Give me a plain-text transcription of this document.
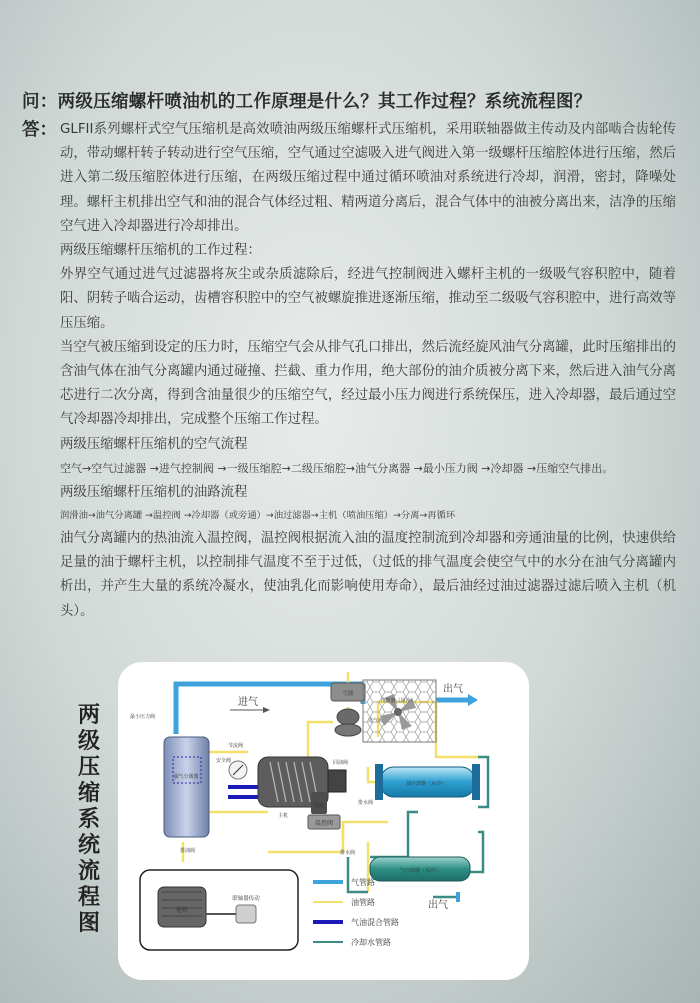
问：两级压缩螺杆喷油机的工作原理是什么？其工作过程？系统流程图？
答： GLFII系列螺杆式空气压缩机是高效喷油两级压缩螺杆式压缩机，采用联轴器做主传动及内部啮合齿轮传动，带动螺杆转子转动进行空气压缩，空气通过空滤吸入进气阀进入第一级螺杆压缩腔体进行压缩，然后进入第二级压缩腔体进行压缩，在两级压缩过程中通过循环喷油对系统进行冷却，润滑，密封，降噪处理。螺杆主机排出空气和油的混合气体经过粗、精两道分离后，混合气体中的油被分离出来，洁净的压缩空气进入冷却器进行冷却排出。

两级压缩螺杆压缩机的工作过程：

外界空气通过进气过滤器将灰尘或杂质滤除后，经进气控制阀进入螺杆主机的一级吸气容积腔中，随着阳、阴转子啮合运动，齿槽容积腔中的空气被螺旋推进逐渐压缩，推动至二级吸气容积腔中，进行高效等压压缩。

当空气被压缩到设定的压力时，压缩空气会从排气孔口排出，然后流经旋风油气分离罐，此时压缩排出的含油气体在油气分离罐内通过碰撞、拦截、重力作用，绝大部份的油介质被分离下来，然后进入油气分离芯进行二次分离，得到含油量很少的压缩空气，经过最小压力阀进行系统保压，进入冷却器，最后通过空气冷却器冷却排出，完成整个压缩工作过程。

两级压缩螺杆压缩机的空气流程

空气→空气过滤器 →进气控制阀 →一级压缩腔→二级压缩腔→油气分离器 →最小压力阀 →冷却器 →压缩空气排出。

两级压缩螺杆压缩机的油路流程

润滑油→油气分离罐 →温控阀 →冷却器（或旁通）→油过滤器→主机（喷油压缩）→分离→再循环

油气分离罐内的热油流入温控阀，温控阀根据流入油的温度控制流到冷却器和旁通油量的比例，快速供给足量的油于螺杆主机，以控制排气温度不至于过低，（过低的排气温度会使空气中的水分在油气分离罐内析出，并产生大量的系统冷凝水，使油乳化而影响使用寿命），最后油经过油过滤器过滤后喷入主机（机头）。

两
级
压
缩
系
统
流
程
图
空滤
进气
出气
冷却器（风冷）
油气分离器
最小压力阀
节流阀
安全阀
排油阀
主机
回油阀
油滤
温控阀
油冷却器（水冷）
排水阀
气冷却器（水冷）
排水阀
出气
电机
联轴器传动
气管路
油管路
气油混合管路
冷却水管路
